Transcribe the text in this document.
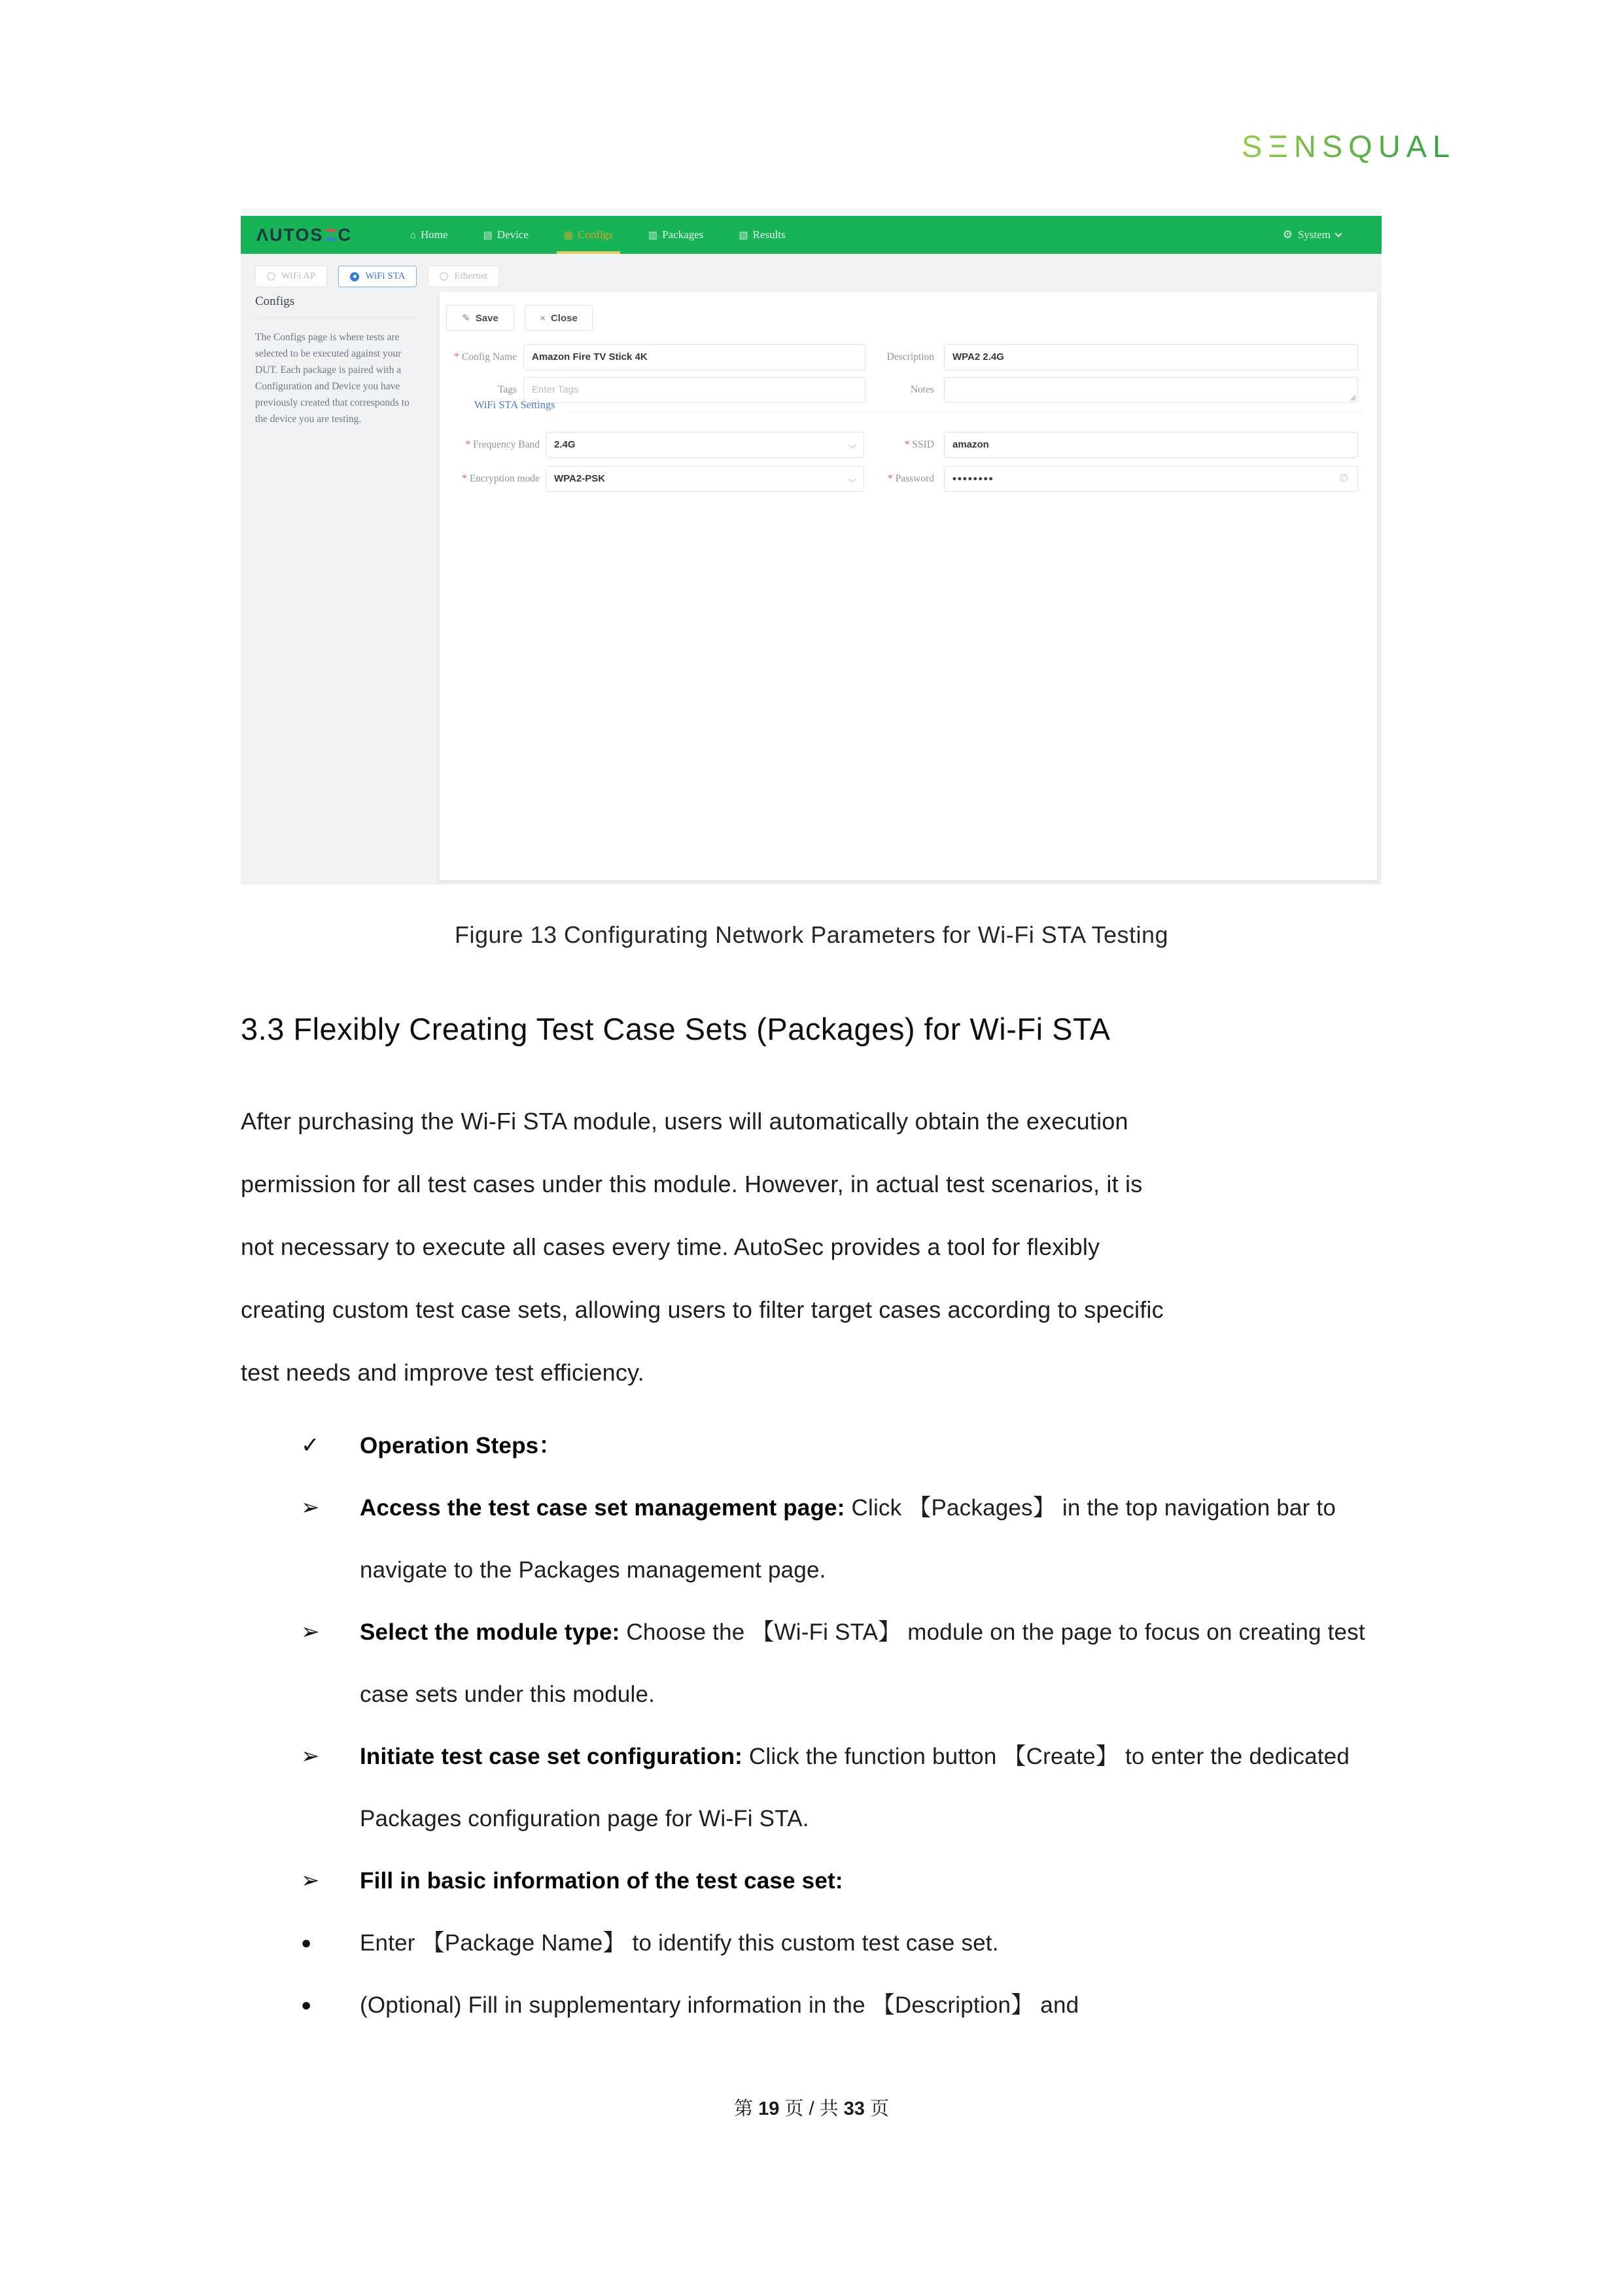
SΞNSQUAL
ΛUTOS C	⌂ Home	▤ Device	▦ Configs	▥ Packages	▧ Results	⚙ System
WiFi AP	WiFi STA	Ethernet
Configs
The Configs page is where tests are selected to be executed against your DUT. Each package is paired with a Configuration and Device you have previously created that corresponds to the device you are testing.
✎ Save	× Close
* Config Name	Amazon Fire TV Stick 4K	Description	WPA2 2.4G
Tags	Enter Tags	Notes
WiFi STA Settings
* Frequency Band	2.4G	* SSID	amazon
* Encryption mode	WPA2-PSK	* Password	••••••••	∅
Figure 13 Configurating Network Parameters for Wi-Fi STA Testing
3.3 Flexibly Creating Test Case Sets (Packages) for Wi-Fi STA
After purchasing the Wi-Fi STA module, users will automatically obtain the execution
permission for all test cases under this module. However, in actual test scenarios, it is
not necessary to execute all cases every time. AutoSec provides a tool for flexibly
creating custom test case sets, allowing users to filter target cases according to specific
test needs and improve test efficiency.
✓ Operation Steps：
➢ Access the test case set management page: Click 【Packages】 in the top navigation bar to navigate to the Packages management page.
➢ Select the module type: Choose the 【Wi-Fi STA】 module on the page to focus on creating test case sets under this module.
➢ Initiate test case set configuration: Click the function button 【Create】 to enter the dedicated Packages configuration page for Wi-Fi STA.
➢ Fill in basic information of the test case set:
● Enter 【Package Name】 to identify this custom test case set.
● (Optional) Fill in supplementary information in the 【Description】 and
第 19 页 / 共 33 页
